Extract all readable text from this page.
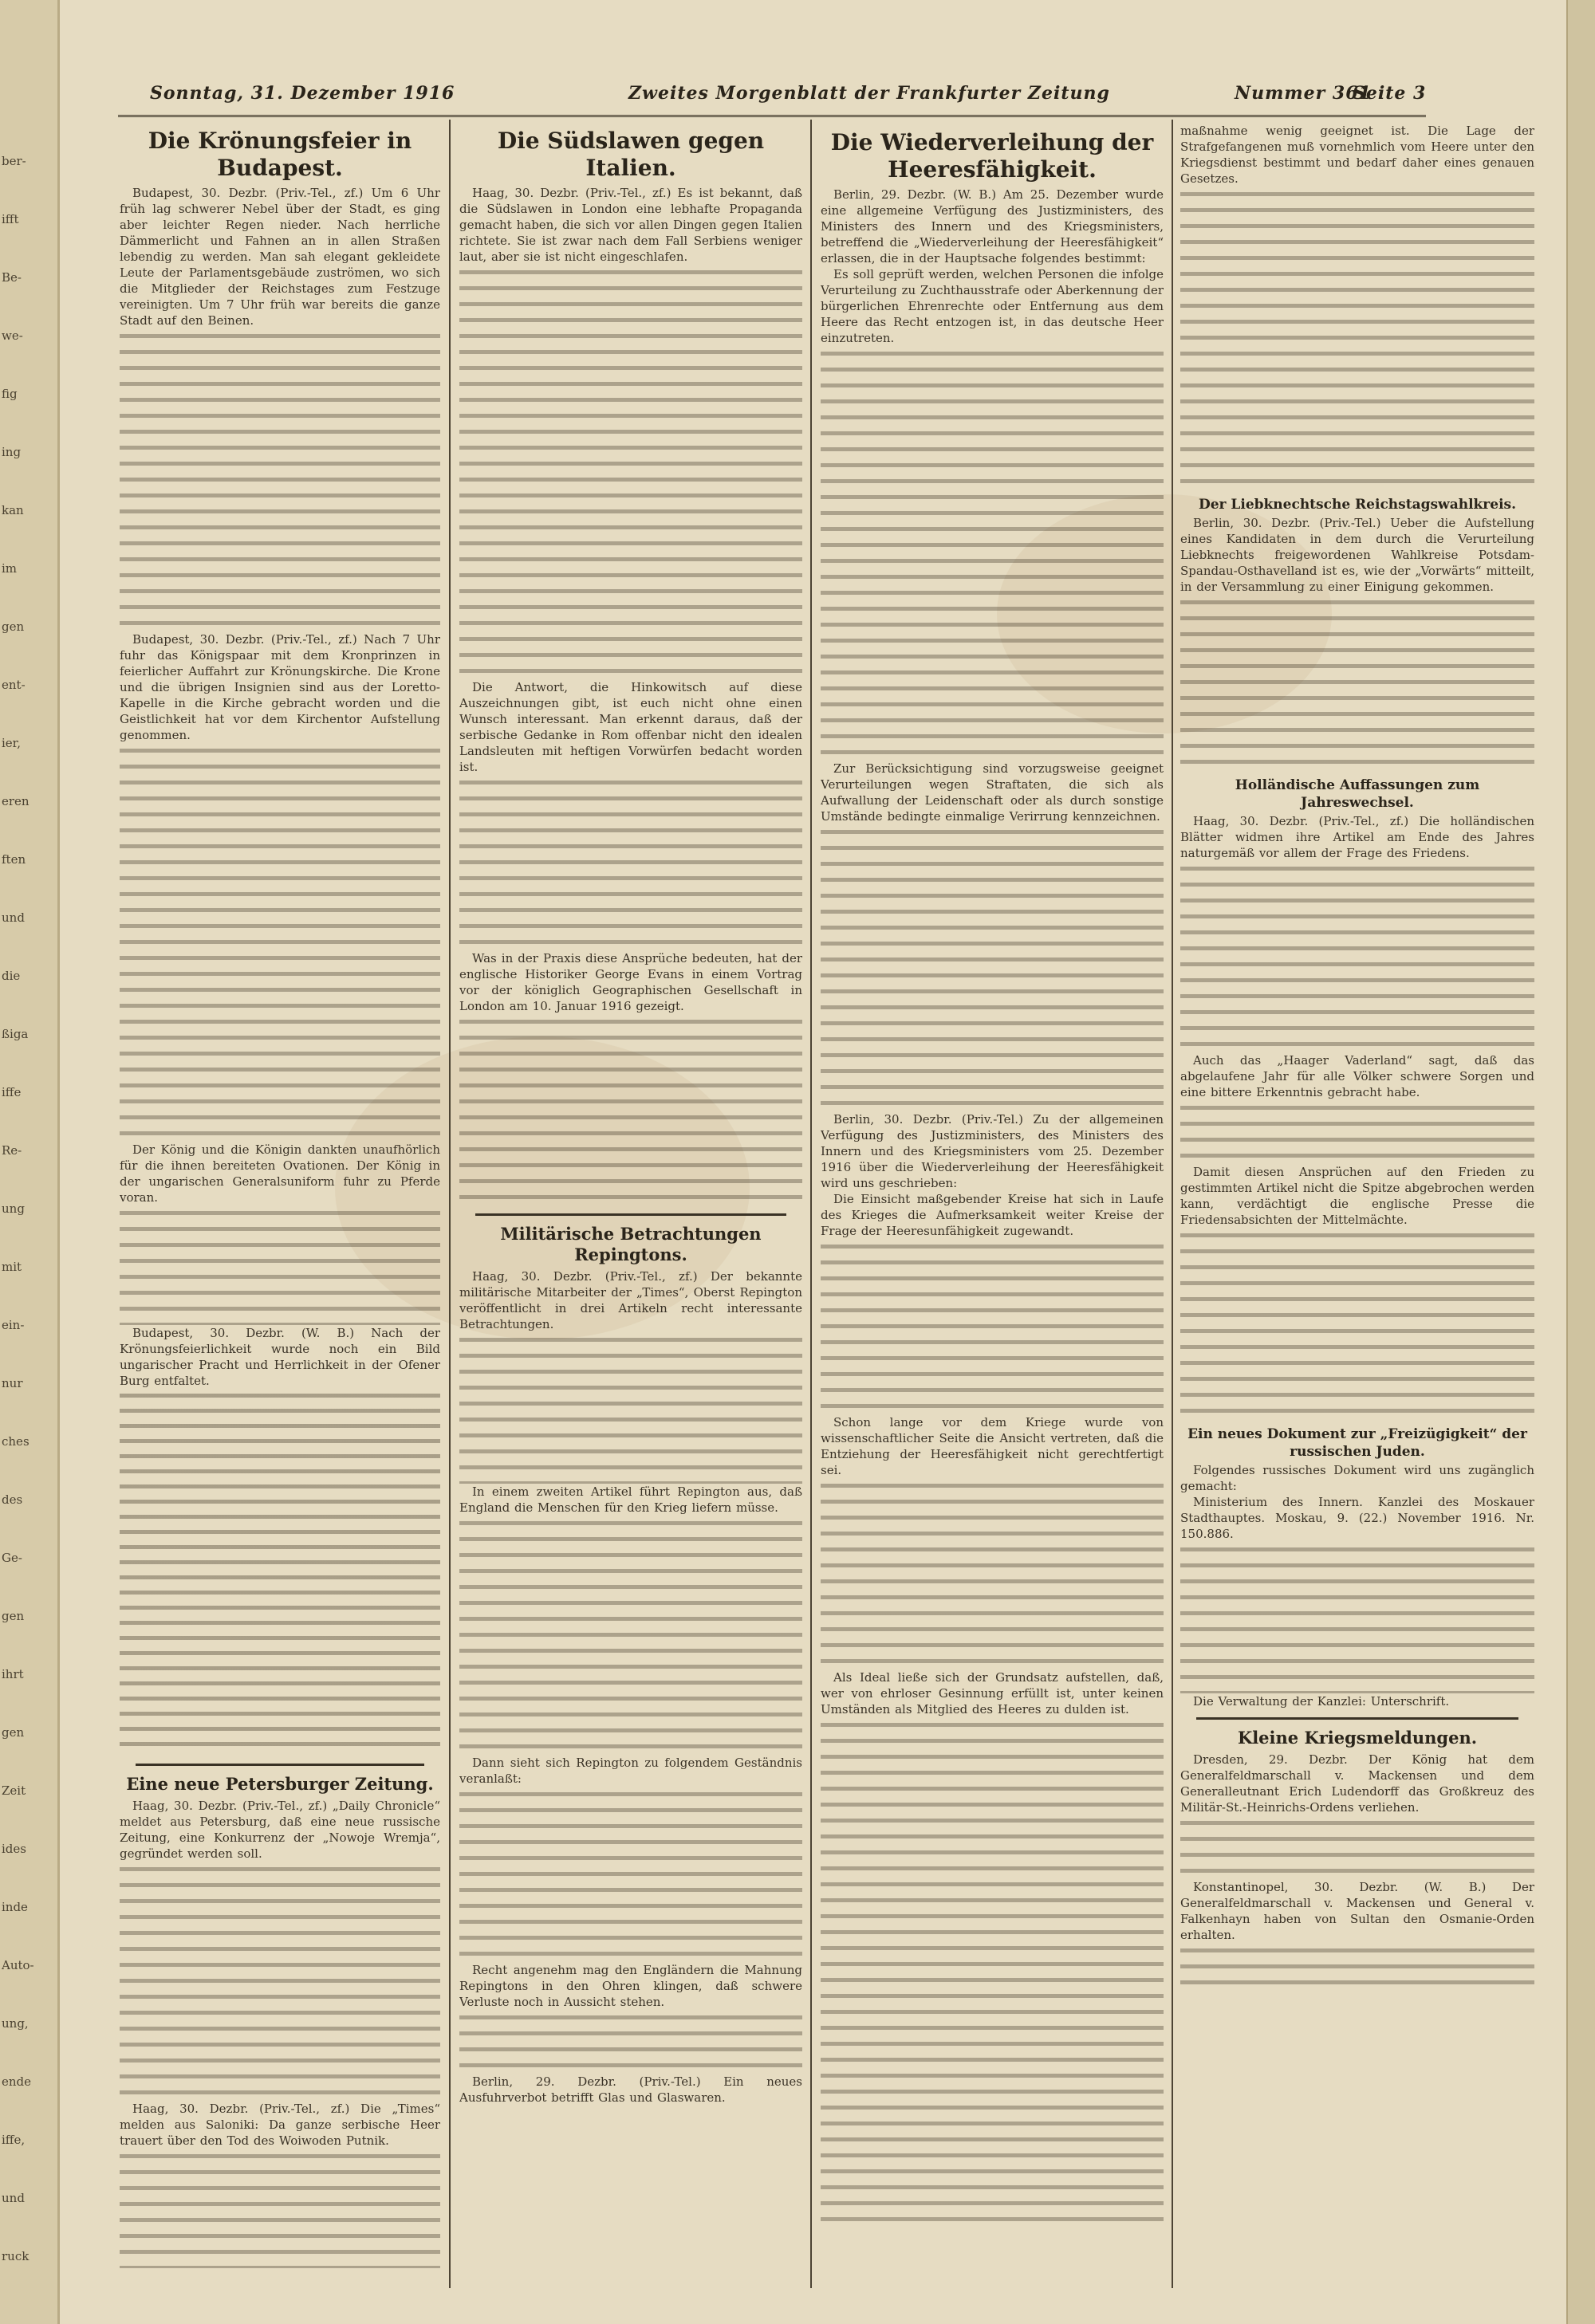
ber-
ifft
Be-
we-
fig
ing
kan
im
gen
ent-
ier,
eren
ften
und
die
ßiga
iffe
Re-
ung
mit
ein-
nur
ches
des
Ge-
gen
ihrt
gen
Zeit
ides
inde
Auto-
ung,
ende
iffe,
und
ruck
Sonntag, 31. Dezember 1916	Zweites Morgenblatt der Frankfurter Zeitung	Nummer 361
Seite 3
Die Krönungsfeier in Budapest.

Budapest, 30. Dezbr. (Priv.-Tel., zf.) Um 6 Uhr früh lag schwerer Nebel über der Stadt, es ging aber leichter Regen nieder. Nach herrliche Dämmerlicht und Fahnen an in allen Straßen lebendig zu werden. Man sah elegant gekleidete Leute der Parlamentsgebäude zuströmen, wo sich die Mitglieder der Reichstages zum Festzuge vereinigten. Um 7 Uhr früh war bereits die ganze Stadt auf den Beinen.

Budapest, 30. Dezbr. (Priv.-Tel., zf.) Nach 7 Uhr fuhr das Königspaar mit dem Kronprinzen in feierlicher Auffahrt zur Krönungskirche. Die Krone und die übrigen Insignien sind aus der Loretto-Kapelle in die Kirche gebracht worden und die Geistlichkeit hat vor dem Kirchentor Aufstellung genommen.

Der König und die Königin dankten unaufhörlich für die ihnen bereiteten Ovationen. Der König in der ungarischen Generalsuniform fuhr zu Pferde voran.

Budapest, 30. Dezbr. (W. B.) Nach der Krönungsfeierlichkeit wurde noch ein Bild ungarischer Pracht und Herrlichkeit in der Ofener Burg entfaltet.

Eine neue Petersburger Zeitung.

Haag, 30. Dezbr. (Priv.-Tel., zf.) „Daily Chronicle“ meldet aus Petersburg, daß eine neue russische Zeitung, eine Konkurrenz der „Nowoje Wremja“, gegründet werden soll.

Haag, 30. Dezbr. (Priv.-Tel., zf.) Die „Times“ melden aus Saloniki: Da ganze serbische Heer trauert über den Tod des Woiwoden Putnik.

Die Südslawen gegen Italien.

Haag, 30. Dezbr. (Priv.-Tel., zf.) Es ist bekannt, daß die Südslawen in London eine lebhafte Propaganda gemacht haben, die sich vor allen Dingen gegen Italien richtete. Sie ist zwar nach dem Fall Serbiens weniger laut, aber sie ist nicht eingeschlafen.

Die Antwort, die Hinkowitsch auf diese Auszeichnungen gibt, ist euch nicht ohne einen Wunsch interessant. Man erkennt daraus, daß der serbische Gedanke in Rom offenbar nicht den idealen Landsleuten mit heftigen Vorwürfen bedacht worden ist.

Was in der Praxis diese Ansprüche bedeuten, hat der englische Historiker George Evans in einem Vortrag vor der königlich Geographischen Gesellschaft in London am 10. Januar 1916 gezeigt.

Militärische Betrachtungen Repingtons.

Haag, 30. Dezbr. (Priv.-Tel., zf.) Der bekannte militärische Mitarbeiter der „Times“, Oberst Repington veröffentlicht in drei Artikeln recht interessante Betrachtungen.

In einem zweiten Artikel führt Repington aus, daß England die Menschen für den Krieg liefern müsse.

Dann sieht sich Repington zu folgendem Geständnis veranlaßt:

Recht angenehm mag den Engländern die Mahnung Repingtons in den Ohren klingen, daß schwere Verluste noch in Aussicht stehen.

Berlin, 29. Dezbr. (Priv.-Tel.) Ein neues Ausfuhrverbot betrifft Glas und Glaswaren.

Die Wiederverleihung der Heeresfähigkeit.

Berlin, 29. Dezbr. (W. B.) Am 25. Dezember wurde eine allgemeine Verfügung des Justizministers, des Ministers des Innern und des Kriegsministers, betreffend die „Wiederverleihung der Heeresfähigkeit“ erlassen, die in der Hauptsache folgendes bestimmt:

Es soll geprüft werden, welchen Personen die infolge Verurteilung zu Zuchthausstrafe oder Aberkennung der bürgerlichen Ehrenrechte oder Entfernung aus dem Heere das Recht entzogen ist, in das deutsche Heer einzutreten.

Zur Berücksichtigung sind vorzugsweise geeignet Verurteilungen wegen Straftaten, die sich als Aufwallung der Leidenschaft oder als durch sonstige Umstände bedingte einmalige Verirrung kennzeichnen.

Berlin, 30. Dezbr. (Priv.-Tel.) Zu der allgemeinen Verfügung des Justizministers, des Ministers des Innern und des Kriegsministers vom 25. Dezember 1916 über die Wiederverleihung der Heeresfähigkeit wird uns geschrieben:

Die Einsicht maßgebender Kreise hat sich in Laufe des Krieges die Aufmerksamkeit weiter Kreise der Frage der Heeresunfähigkeit zugewandt.

Schon lange vor dem Kriege wurde von wissenschaftlicher Seite die Ansicht vertreten, daß die Entziehung der Heeresfähigkeit nicht gerechtfertigt sei.

Als Ideal ließe sich der Grundsatz aufstellen, daß, wer von ehrloser Gesinnung erfüllt ist, unter keinen Umständen als Mitglied des Heeres zu dulden ist.

maßnahme wenig geeignet ist. Die Lage der Strafgefangenen muß vornehmlich vom Heere unter den Kriegsdienst bestimmt und bedarf daher eines genauen Gesetzes.

Der Liebknechtsche Reichstagswahlkreis.

Berlin, 30. Dezbr. (Priv.-Tel.) Ueber die Aufstellung eines Kandidaten in dem durch die Verurteilung Liebknechts freigewordenen Wahlkreise Potsdam-Spandau-Osthavelland ist es, wie der „Vorwärts“ mitteilt, in der Versammlung zu einer Einigung gekommen.

Holländische Auffassungen zum Jahreswechsel.

Haag, 30. Dezbr. (Priv.-Tel., zf.) Die holländischen Blätter widmen ihre Artikel am Ende des Jahres naturgemäß vor allem der Frage des Friedens.

Auch das „Haager Vaderland“ sagt, daß das abgelaufene Jahr für alle Völker schwere Sorgen und eine bittere Erkenntnis gebracht habe.

Damit diesen Ansprüchen auf den Frieden zu gestimmten Artikel nicht die Spitze abgebrochen werden kann, verdächtigt die englische Presse die Friedensabsichten der Mittelmächte.

Ein neues Dokument zur „Freizügigkeit“ der russischen Juden.

Folgendes russisches Dokument wird uns zugänglich gemacht:

Ministerium des Innern. Kanzlei des Moskauer Stadthauptes. Moskau, 9. (22.) November 1916. Nr. 150.886.

Die Verwaltung der Kanzlei: Unterschrift.

Kleine Kriegsmeldungen.

Dresden, 29. Dezbr. Der König hat dem Generalfeldmarschall v. Mackensen und dem Generalleutnant Erich Ludendorff das Großkreuz des Militär-St.-Heinrichs-Ordens verliehen.

Konstantinopel, 30. Dezbr. (W. B.) Der Generalfeldmarschall v. Mackensen und General v. Falkenhayn haben von Sultan den Osmanie-Orden erhalten.
